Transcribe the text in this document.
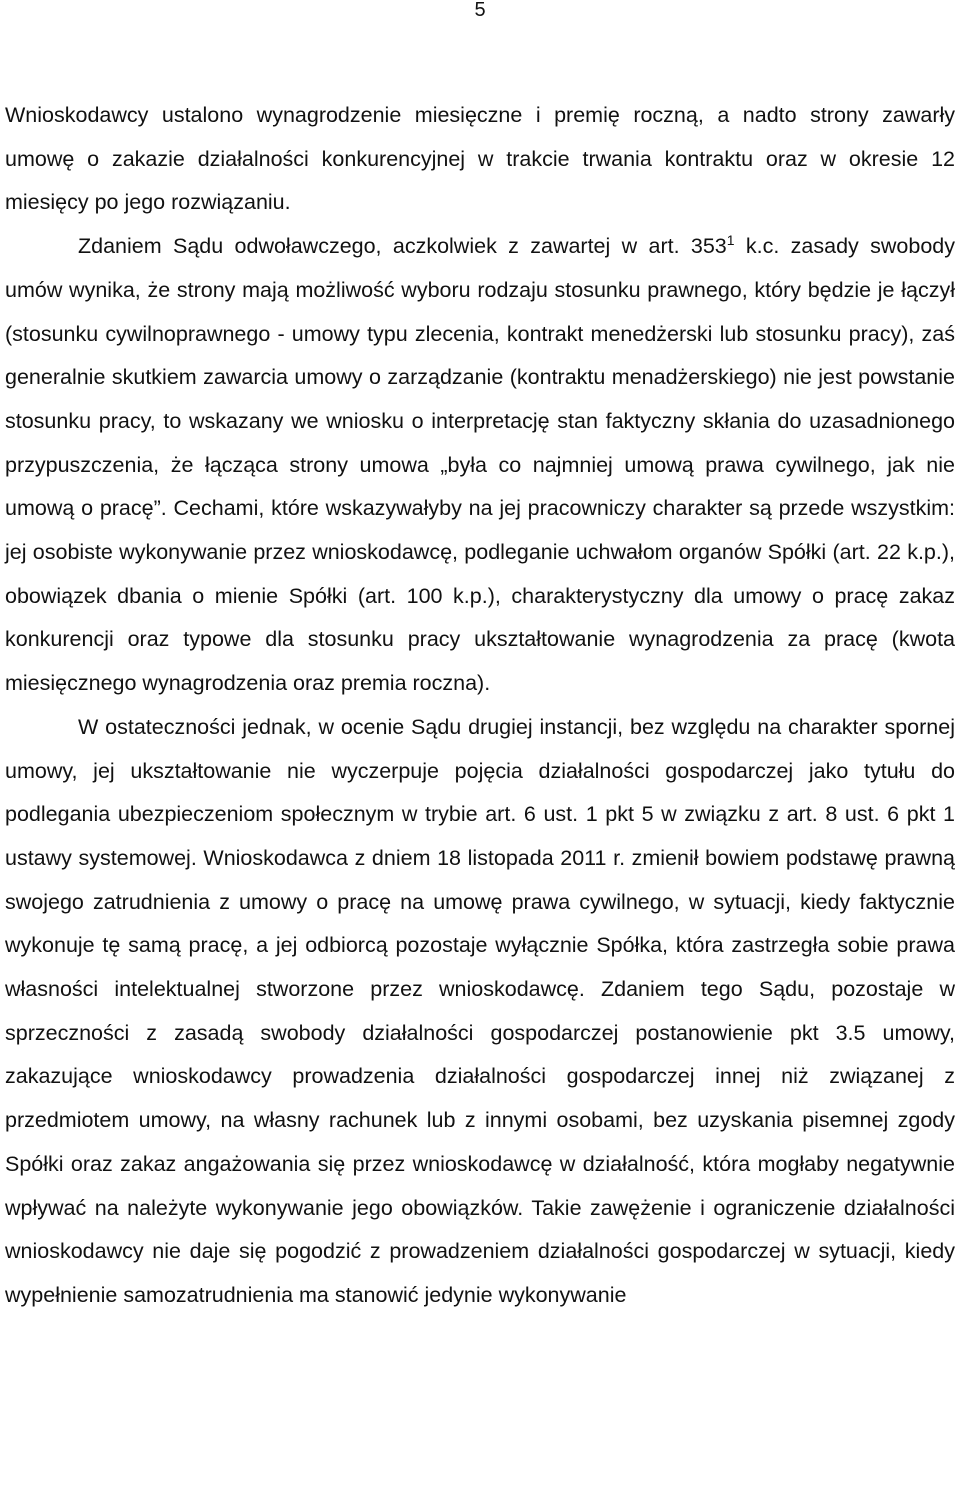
5

Wnioskodawcy ustalono wynagrodzenie miesięczne i premię roczną, a nadto strony zawarły umowę o zakazie działalności konkurencyjnej w trakcie trwania kontraktu oraz w okresie 12 miesięcy po jego rozwiązaniu.

Zdaniem Sądu odwoławczego, aczkolwiek z zawartej w art. $353^1$ k.c. zasady swobody umów wynika, że strony mają możliwość wyboru rodzaju stosunku prawnego, który będzie je łączył (stosunku cywilnoprawnego - umowy typu zlecenia, kontrakt menedżerski lub stosunku pracy), zaś generalnie skutkiem zawarcia umowy o zarządzanie (kontraktu menadżerskiego) nie jest powstanie stosunku pracy, to wskazany we wniosku o interpretację stan faktyczny skłania do uzasadnionego przypuszczenia, że łącząca strony umowa „była co najmniej umową prawa cywilnego, jak nie umową o pracę”. Cechami, które wskazywałyby na jej pracowniczy charakter są przede wszystkim: jej osobiste wykonywanie przez wnioskodawcę, podleganie uchwałom organów Spółki (art. 22 k.p.), obowiązek dbania o mienie Spółki (art. 100 k.p.), charakterystyczny dla umowy o pracę zakaz konkurencji oraz typowe dla stosunku pracy ukształtowanie wynagrodzenia za pracę (kwota miesięcznego wynagrodzenia oraz premia roczna).

W ostateczności jednak, w ocenie Sądu drugiej instancji, bez względu na charakter spornej umowy, jej ukształtowanie nie wyczerpuje pojęcia działalności gospodarczej jako tytułu do podlegania ubezpieczeniom społecznym w trybie art. 6 ust. 1 pkt 5 w związku z art. 8 ust. 6 pkt 1 ustawy systemowej. Wnioskodawca z dniem 18 listopada 2011 r. zmienił bowiem podstawę prawną swojego zatrudnienia z umowy o pracę na umowę prawa cywilnego, w sytuacji, kiedy faktycznie wykonuje tę samą pracę, a jej odbiorcą pozostaje wyłącznie Spółka, która zastrzegła sobie prawa własności intelektualnej stworzone przez wnioskodawcę. Zdaniem tego Sądu, pozostaje w sprzeczności z zasadą swobody działalności gospodarczej postanowienie pkt 3.5 umowy, zakazujące wnioskodawcy prowadzenia działalności gospodarczej innej niż związanej z przedmiotem umowy, na własny rachunek lub z innymi osobami, bez uzyskania pisemnej zgody Spółki oraz zakaz angażowania się przez wnioskodawcę w działalność, która mogłaby negatywnie wpływać na należyte wykonywanie jego obowiązków. Takie zawężenie i ograniczenie działalności wnioskodawcy nie daje się pogodzić z prowadzeniem działalności gospodarczej w sytuacji, kiedy wypełnienie samozatrudnienia ma stanowić jedynie wykonywanie
